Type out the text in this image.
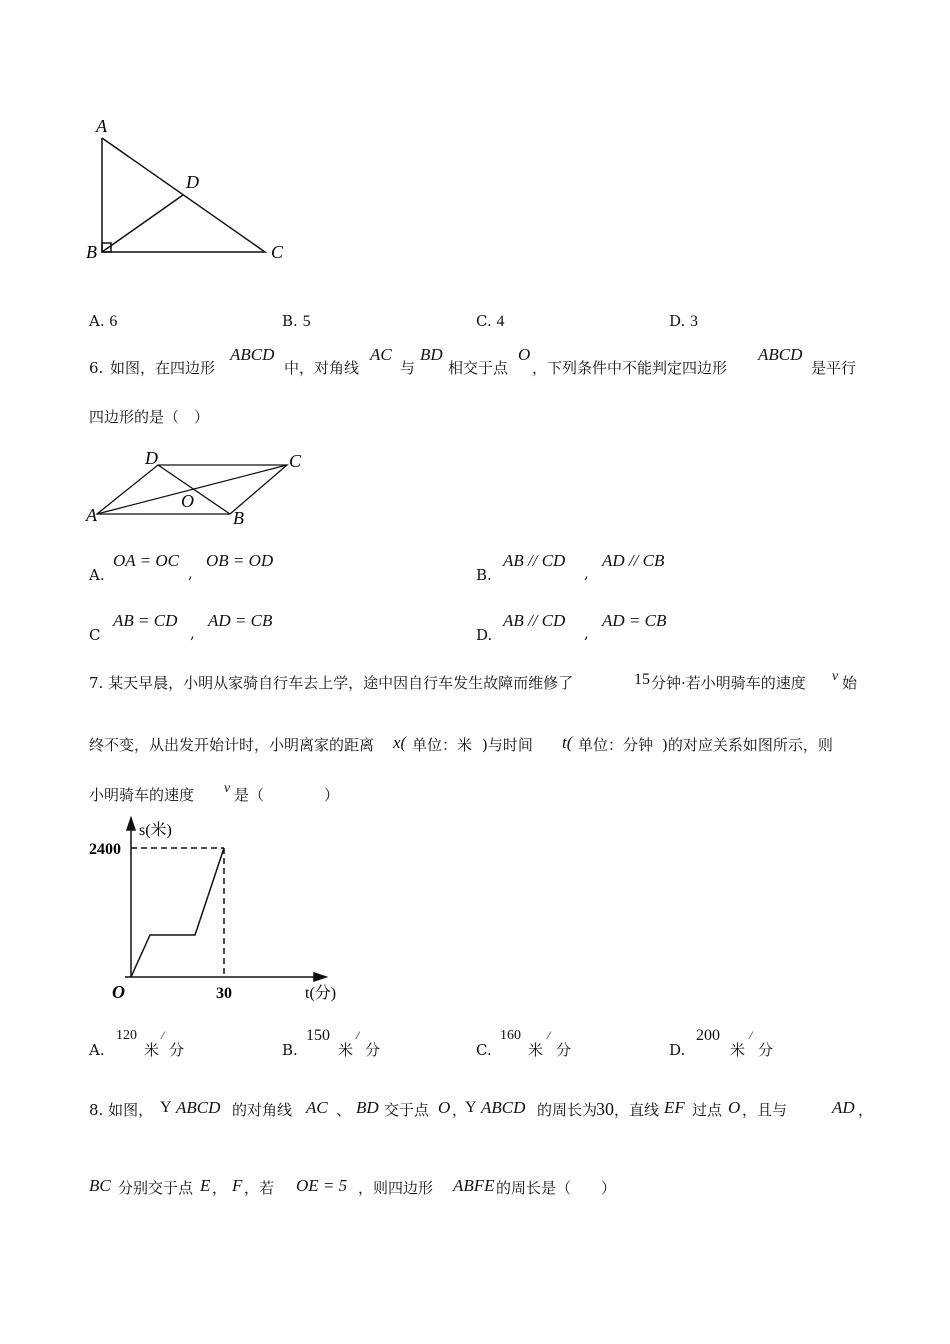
A
D
B	C
D	C
A	B
O
s(米)
2400
O	30	t(分)
A. 6	B. 5	C. 4	D. 3
6. 如图，在四边形
ABCD
中，对角线
AC
与
BD
相交于点
O
，下列条件中不能判定四边形
ABCD
是平行
四边形的是（　）
A.
OA = OC
,
OB = OD
B.
AB // CD
,
AD // CB
C
AB = CD
,
AD = CB
D.
AB // CD
,
AD = CB
7. 某天早晨，小明从家骑自行车去上学，途中因自行车发生故障而维修了	15 分钟·若小明骑车的速度 v 始
终不变，从出发开始计时，小明离家的距离 x( 单位：米 )与时间 t( 单位：分钟 )的对应关系如图所示，则
小明骑车的速度 v 是（　　　　）
A.
120
米
/
分	B.
150
米
/
分	C.
160
米
/
分	D.
200
米
/
分
8. 如图， Y ABCD 的对角线 AC 、 BD 交于点 O ，
Y ABCD 的周长为
30 ，直线 EF 过点 O ，且与	AD ，
BC 分别交于点 E ， F ，若 OE = 5 ，则四边形 ABFE 的周长是（　　）
